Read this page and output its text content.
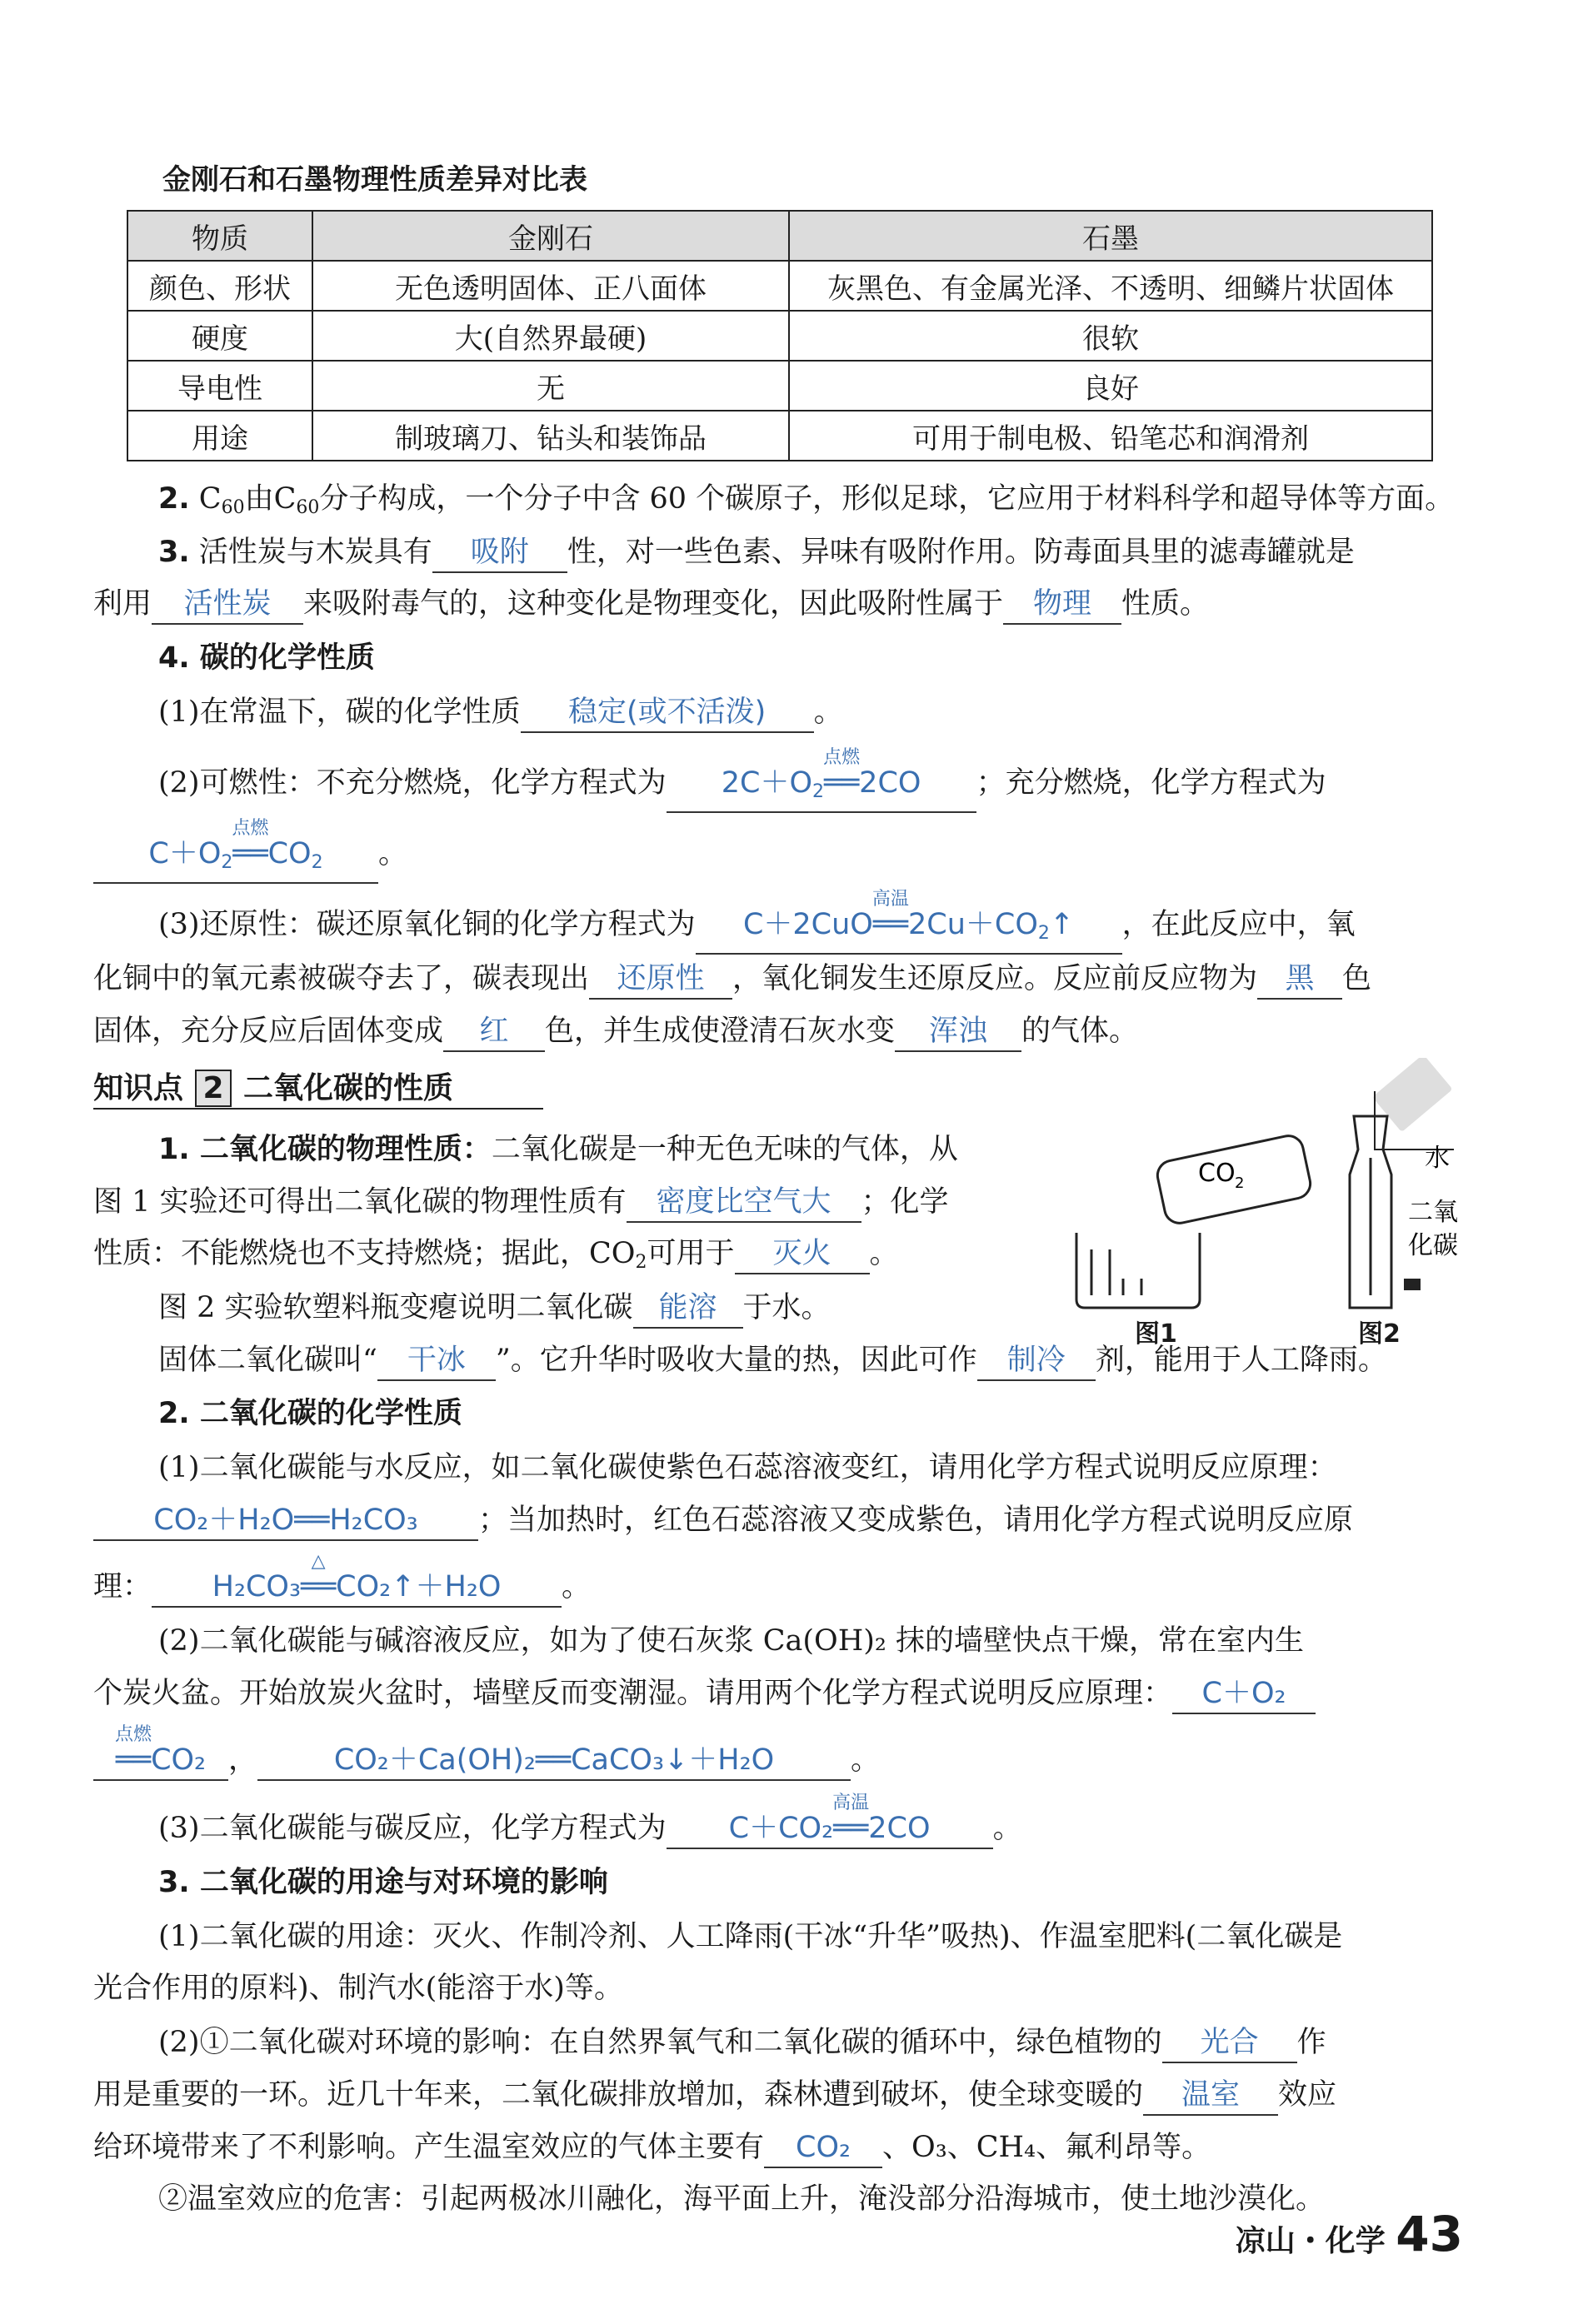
金刚石和石墨物理性质差异对比表
物质	金刚石	石墨
颜色、形状	无色透明固体、正八面体	灰黑色、有金属光泽、不透明、细鳞片状固体
硬度	大(自然界最硬)	很软
导电性	无	良好
用途	制玻璃刀、钻头和装饰品	可用于制电极、铅笔芯和润滑剂
2. $C_{60}$由$C_{60}$分子构成，一个分子中含 60 个碳原子，形似足球，它应用于材料科学和超导体等方面。
3. 活性炭与木炭具有 吸附 性，对一些色素、异味有吸附作用。防毒面具里的滤毒罐就是
利用 活性炭 来吸附毒气的，这种变化是物理变化，因此吸附性属于 物理 性质。
4. 碳的化学性质
(1)在常温下，碳的化学性质 稳定(或不活泼) 。
(2)可燃性：不充分燃烧，化学方程式为 $2C+O_2$
点燃
══2CO ；充分燃烧，化学方程式为
$C+O_2$
点燃
$══CO_2$ 。
(3)还原性：碳还原氧化铜的化学方程式为 C＋2CuO
高温
$══2Cu+CO_2↑$ ，在此反应中，氧
化铜中的氧元素被碳夺去了，碳表现出 还原性 ，氧化铜发生还原反应。反应前反应物为 黑 色
固体，充分反应后固体变成 红 色，并生成使澄清石灰水变 浑浊 的气体。
知识点 2 二氧化碳的性质
1. 二氧化碳的物理性质：二氧化碳是一种无色无味的气体，从
图 1 实验还可得出二氧化碳的物理性质有 密度比空气大 ；化学
性质：不能燃烧也不支持燃烧；据此，$CO_2$可用于 灭火 。
图 2 实验软塑料瓶变瘪说明二氧化碳 能溶 于水。
固体二氧化碳叫“ 干冰 ”。它升华时吸收大量的热，因此可作 制冷 剂，能用于人工降雨。
CO 2
水
二氧
化碳
图1	图2
2. 二氧化碳的化学性质
(1)二氧化碳能与水反应，如二氧化碳使紫色石蕊溶液变红，请用化学方程式说明反应原理：
CO₂＋H₂O══H₂CO₃ ；当加热时，红色石蕊溶液又变成紫色，请用化学方程式说明反应原
理： H₂CO₃
△
══CO₂↑＋H₂O 。
(2)二氧化碳能与碱溶液反应，如为了使石灰浆 Ca(OH)₂ 抹的墙壁快点干燥，常在室内生
个炭火盆。开始放炭火盆时，墙壁反而变潮湿。请用两个化学方程式说明反应原理： C＋O₂
点燃
══CO₂ ，	CO₂＋Ca(OH)₂══CaCO₃↓＋H₂O	。
(3)二氧化碳能与碳反应，化学方程式为 C＋CO₂
高温
══2CO 。
3. 二氧化碳的用途与对环境的影响
(1)二氧化碳的用途：灭火、作制冷剂、人工降雨(干冰“升华”吸热)、作温室肥料(二氧化碳是
光合作用的原料)、制汽水(能溶于水)等。
(2)①二氧化碳对环境的影响：在自然界氧气和二氧化碳的循环中，绿色植物的 光合 作
用是重要的一环。近几十年来，二氧化碳排放增加，森林遭到破坏，使全球变暖的 温室 效应
给环境带来了不利影响。产生温室效应的气体主要有 CO₂ 、O₃、CH₄、氟利昂等。
②温室效应的危害：引起两极冰川融化，海平面上升，淹没部分沿海城市，使土地沙漠化。
凉山・化学 43
